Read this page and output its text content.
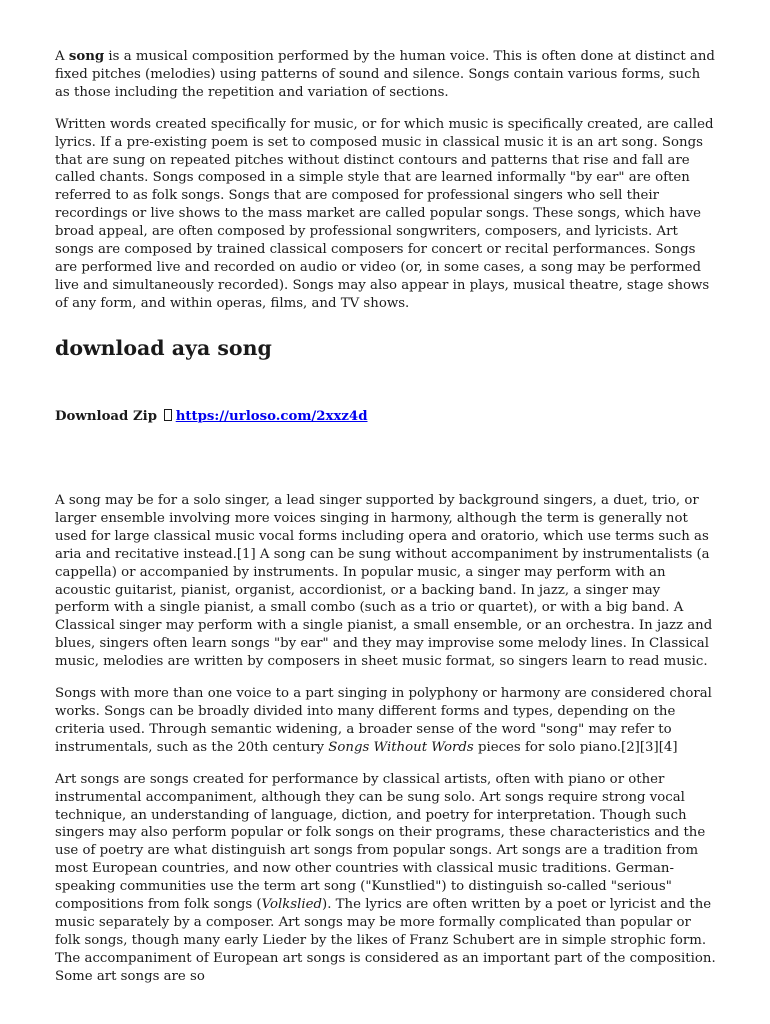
A song is a musical composition performed by the human voice. This is often done at distinct and fixed pitches (melodies) using patterns of sound and silence. Songs contain various forms, such as those including the repetition and variation of sections.

Written words created specifically for music, or for which music is specifically created, are called lyrics. If a pre-existing poem is set to composed music in classical music it is an art song. Songs that are sung on repeated pitches without distinct contours and patterns that rise and fall are called chants. Songs composed in a simple style that are learned informally "by ear" are often referred to as folk songs. Songs that are composed for professional singers who sell their recordings or live shows to the mass market are called popular songs. These songs, which have broad appeal, are often composed by professional songwriters, composers, and lyricists. Art songs are composed by trained classical composers for concert or recital performances. Songs are performed live and recorded on audio or video (or, in some cases, a song may be performed live and simultaneously recorded). Songs may also appear in plays, musical theatre, stage shows of any form, and within operas, films, and TV shows.

download aya song
Download Zip https://urloso.com/2xxz4d

A song may be for a solo singer, a lead singer supported by background singers, a duet, trio, or larger ensemble involving more voices singing in harmony, although the term is generally not used for large classical music vocal forms including opera and oratorio, which use terms such as aria and recitative instead.[1] A song can be sung without accompaniment by instrumentalists (a cappella) or accompanied by instruments. In popular music, a singer may perform with an acoustic guitarist, pianist, organist, accordionist, or a backing band. In jazz, a singer may perform with a single pianist, a small combo (such as a trio or quartet), or with a big band. A Classical singer may perform with a single pianist, a small ensemble, or an orchestra. In jazz and blues, singers often learn songs "by ear" and they may improvise some melody lines. In Classical music, melodies are written by composers in sheet music format, so singers learn to read music.

Songs with more than one voice to a part singing in polyphony or harmony are considered choral works. Songs can be broadly divided into many different forms and types, depending on the criteria used. Through semantic widening, a broader sense of the word "song" may refer to instrumentals, such as the 20th century Songs Without Words pieces for solo piano.[2][3][4]

Art songs are songs created for performance by classical artists, often with piano or other instrumental accompaniment, although they can be sung solo. Art songs require strong vocal technique, an understanding of language, diction, and poetry for interpretation. Though such singers may also perform popular or folk songs on their programs, these characteristics and the use of poetry are what distinguish art songs from popular songs. Art songs are a tradition from most European countries, and now other countries with classical music traditions. German-speaking communities use the term art song ("Kunstlied") to distinguish so-called "serious" compositions from folk songs (Volkslied). The lyrics are often written by a poet or lyricist and the music separately by a composer. Art songs may be more formally complicated than popular or folk songs, though many early Lieder by the likes of Franz Schubert are in simple strophic form. The accompaniment of European art songs is considered as an important part of the composition. Some art songs are so
